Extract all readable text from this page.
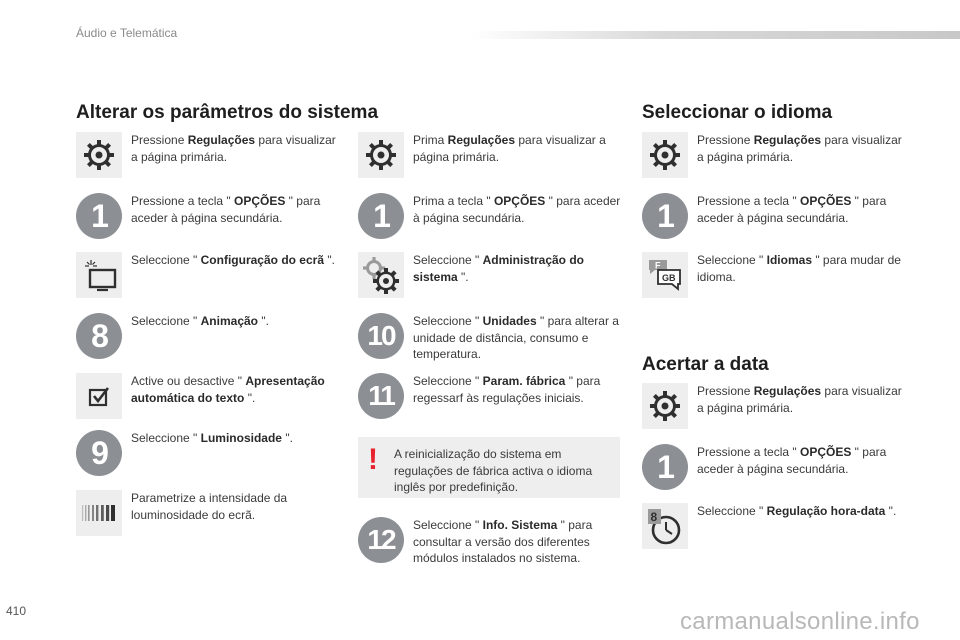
Áudio e Telemática
Alterar os parâmetros do sistema
Pressione Regulações para visualizar a página primária.
1 Pressione a tecla " OPÇÕES " para aceder à página secundária.
Seleccione " Configuração do ecrã ".
8 Seleccione " Animação ".
Active ou desactive " Apresentação automática do texto ".
9 Seleccione " Luminosidade ".
Parametrize a intensidade da louminosidade do ecrã.
Prima Regulações para visualizar a página primária.
1 Prima a tecla " OPÇÕES " para aceder à página secundária.
Seleccione " Administração do sistema ".
10 Seleccione " Unidades " para alterar a unidade de distância, consumo e temperatura.
11 Seleccione " Param. fábrica " para regessarf às regulações iniciais.
! A reinicialização do sistema em regulações de fábrica activa o idioma inglês por predefinição.
12 Seleccione " Info. Sistema " para consultar a versão dos diferentes módulos instalados no sistema.
Seleccionar o idioma
Pressione Regulações para visualizar a página primária.
1 Pressione a tecla " OPÇÕES " para aceder à página secundária.
F
GB
Seleccione " Idiomas " para mudar de idioma.
Acertar a data
Pressione Regulações para visualizar a página primária.
1 Pressione a tecla " OPÇÕES " para aceder à página secundária.
8	Seleccione " Regulação hora-data ".
410	carmanualsonline.info
